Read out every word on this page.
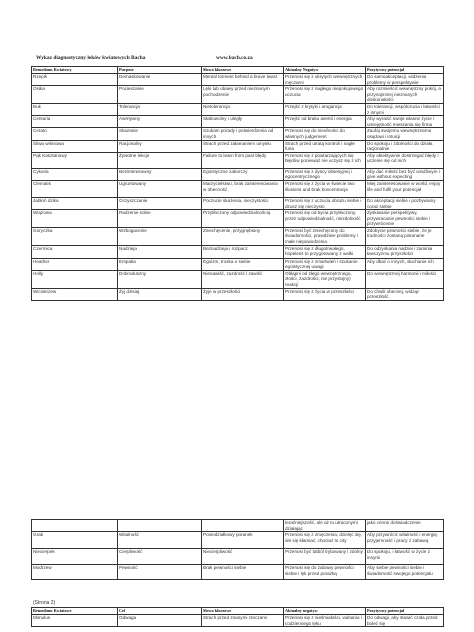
Wykaz diagnostyczny leków kwiatowych Bacha	www.bach.co.za
Remedium Kwiatowy	Purpose	Słowo kluczowe	Aktualny Negatyw	Pozytywny potencjał
Rzepik	Demaskowanie	Mental torment behind a brave twarz	Przenosi się z ukrytych wewnętrznych męczarni	Do samoakceptacji, widzenia problemy w perspektywie
Osika	Pocieszanie	Lęki lub obawy przed nieznanym pochodzenie	Przenosi się z nagłego niepokojowego uczucia	Aby rozmieścić wewnętrzny pokój, a przynajmniej nieznanych doskonałości
Buk	Tolerancja	Nietolerancja	Przejść z krytyki i arogancja	Do tolerancji, współczucia i łatwości z innymi
Centuria	Asertywny	Słabowolny i uległy	Przejść od braku asertii i energia	Aby wyrazić swoje własne życie / umiejętność mieszania się firma
Cerato	Skazanie	Szukam porady i potwierdzenia od innych	Przenosi się do nieufności do własnych judgement	Zaufaj swojemu wewnętrznemu osądowi i intuicji
Śliwa wiśniowa	Racjonalny	Strach przed załamaniem umysłu	Strach przed utratą kontroli i nagłe furia	Do spokoju i zdolności do działa racjonalnie
Pąk Kasztanowy	Żywotne lekcje	Failure to learn from past błędy	Przenosi się z powtarzających się błędów ponieważ nie uczysz się z ich	Aby obiektywnie dostrzegać błędy i uczenie się od nich
Cykoria	Bezinteresowny	Egoistyczne zaborczy	Przenosi się z dyscy obsesyjnej i egocentrycznego	Aby dać miłość bez być wrażliwym i give without expecting
Clematis	Ugruntowany	Marzycielstwo, brak zainteresowania w obecność	Przenosi się z życia w świecie two illusions and brak koncentracja	Miej zainteresowanie w world, enjoy life and fulfil your potencjał
Jabłoń dzika	Oczyszczanie	Poczucie skażenia, nieczystości	Przenosi się z uczucia obrazu siebie i dzusz się nieczysto	Do akceptacji siebie i pozbywamy coraz siebie
Wiązowa	Radzenie sobie	Przytłoczony odpowiedzialnością	Przenosi się od bycia przytłoczony, przez odpowiedzialność, niezdolność	Zyskiwanie perspektywy, przywracanie pewności siebie i przywrócenie
Goryczka	Wzbogacenie	Zniechęcenie, przygnębiony	Przenosi być zniechęcony do świadomości, prawdziwe problemy i małe niepowodzenia	Zdobycie pewności siebie, że je trudności zostaną pokonane
Czermica	Nadzieja	Beznadzieja i rozpacz	Przenosi się z długotrwałego, hopeless to przygotowany z walki	Do odzyskania nadziei i zaminia ławczyzmu przyszłości
Heather	Empatia	Egoizm, troska o siebie	Przenosi się z zmartwień i szukanie egoistycznej uwagi	Aby dbać o innych, słuchanie ich
Holly	Dobroduszny	Nienawiść, zazdrość i zawiść	Obłąpni od złego wewnętrznego, złości, zazdrości, nie przystojny) reakcji	Do wewnętrznej harmonii i miłości
Wiciokrzew	Żyj dzisiaj	Żyje w przeszłości	Przenosi się z życia w przeszłości	Do chwili obecnej, widząc przeszłość
			teraźniejszość, ale aż tu utraconymi działając	jako cenne doświadczenie
Grab	Witalność	Poniedziałkowy poranek	Przenosi się z zmęczenia, dzielęc się, ale się kłamiać, chociaż to city	Aby przywrócić witalność i energię, przyjemność i pracy z zabawą
Niecierpek	Cierpliwość	Niecierpliwość	Przenosi być tatból trybowany i zdolny	Do spokoju, i łatwość w życie z innymi
Modrzew	Pewność	Brak pewności siebie	Przenosi się do zabawy pewności siebie i lęk przed porażką	Aby siebie pewności siebie i świadomość swojego potencjału
(Strona 2)
Remedium Kwiatowe	Cel	Słowo kluczowe	Aktualny negatyw	Pozytywny potencjał
Mimulus	Odwaga	Strach przed znanymi rzeczami	Przenosi się z nieśmiałości, wahania i codziennego lęku	Do odwagi, aby stawić czoła przed boleć się
